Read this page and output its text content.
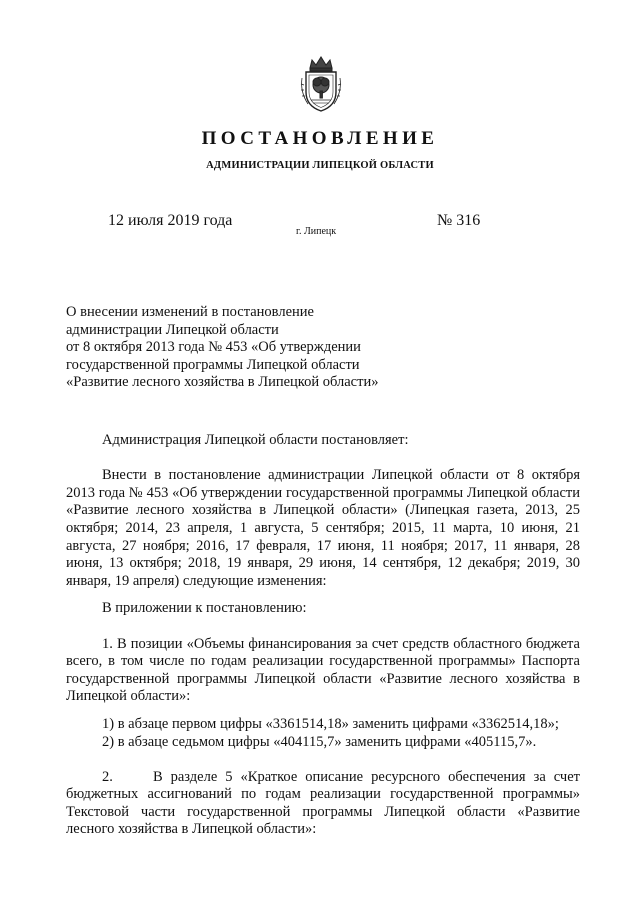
ПОСТАНОВЛЕНИЕ
АДМИНИСТРАЦИИ ЛИПЕЦКОЙ ОБЛАСТИ
12 июля 2019 года
г. Липецк
№ 316
О внесении изменений в постановление
администрации Липецкой области
от 8 октября 2013 года № 453 «Об утверждении
государственной программы Липецкой области
«Развитие лесного хозяйства в Липецкой области»

Администрация Липецкой области постановляет:

Внести в постановление администрации Липецкой области от 8 октября 2013 года № 453 «Об утверждении государственной программы Липецкой области «Развитие лесного хозяйства в Липецкой области» (Липецкая газета, 2013, 25 октября; 2014, 23 апреля, 1 августа, 5 сентября; 2015, 11 марта, 10 июня, 21 августа, 27 ноября; 2016, 17 февраля, 17 июня, 11 ноября; 2017, 11 января, 28 июня, 13 октября; 2018, 19 января, 29 июня, 14 сентября, 12 декабря; 2019, 30 января, 19 апреля) следующие изменения:

В приложении к постановлению:

1. В позиции «Объемы финансирования за счет средств областного бюджета всего, в том числе по годам реализации государственной программы» Паспорта государственной программы Липецкой области «Развитие лесного хозяйства в Липецкой области»:

1) в абзаце первом цифры «3361514,18» заменить цифрами «3362514,18»;

2) в абзаце седьмом цифры «404115,7» заменить цифрами «405115,7».

2.     В разделе 5 «Краткое описание ресурсного обеспечения за счет бюджетных ассигнований по годам реализации государственной программы» Текстовой части государственной программы Липецкой области «Развитие лесного хозяйства в Липецкой области»:
